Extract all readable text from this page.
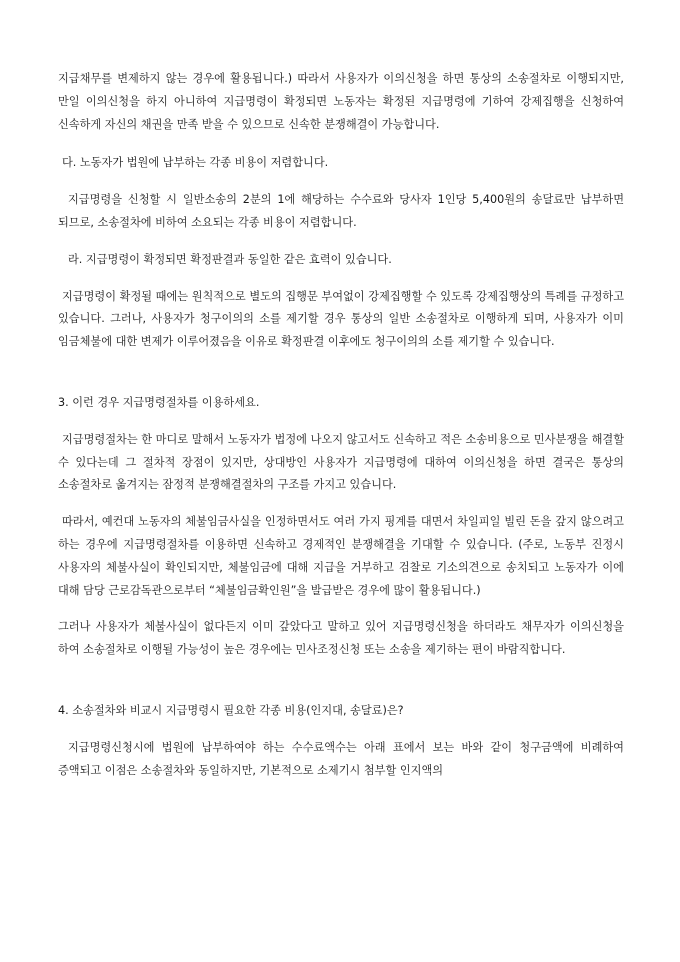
지급채무를 변제하지 않는 경우에 활용됩니다.) 따라서 사용자가 이의신청을 하면 통상의 소송절차로 이행되지만, 만일 이의신청을 하지 아니하여 지급명령이 확정되면 노동자는 확정된 지급명령에 기하여 강제집행을 신청하여 신속하게 자신의 채권을 만족 받을 수 있으므로 신속한 분쟁해결이 가능합니다.

다. 노동자가 법원에 납부하는 각종 비용이 저렴합니다.

지급명령을 신청할 시 일반소송의 2분의 1에 해당하는 수수료와 당사자 1인당 5,400원의 송달료만 납부하면 되므로, 소송절차에 비하여 소요되는 각종 비용이 저렴합니다.

라. 지급명령이 확정되면 확정판결과 동일한 같은 효력이 있습니다.

지급명령이 확정될 때에는 원칙적으로 별도의 집행문 부여없이 강제집행할 수 있도록 강제집행상의 특례를 규정하고 있습니다. 그러나, 사용자가 청구이의의 소를 제기할 경우 통상의 일반 소송절차로 이행하게 되며, 사용자가 이미 임금체불에 대한 변제가 이루어졌음을 이유로 확정판결 이후에도 청구이의의 소를 제기할 수 있습니다.

3. 이런 경우 지급명령절차를 이용하세요.

지급명령절차는 한 마디로 말해서 노동자가 법정에 나오지 않고서도 신속하고 적은 소송비용으로 민사분쟁을 해결할 수 있다는데 그 절차적 장점이 있지만, 상대방인 사용자가 지급명령에 대하여 이의신청을 하면 결국은 통상의 소송절차로 옮겨지는 잠정적 분쟁해결절차의 구조를 가지고 있습니다.

따라서, 예컨대 노동자의 체불임금사실을 인정하면서도 여러 가지 핑계를 대면서 차일피일 빌린 돈을 갚지 않으려고 하는 경우에 지급명령절차를 이용하면 신속하고 경제적인 분쟁해결을 기대할 수 있습니다. (주로, 노동부 진정시 사용자의 체불사실이 확인되지만, 체불임금에 대해 지급을 거부하고 검찰로 기소의견으로 송치되고 노동자가 이에 대해 담당 근로감독관으로부터 “체불임금확인원”을 발급받은 경우에 많이 활용됩니다.)

그러나 사용자가 체불사실이 없다든지 이미 갚았다고 말하고 있어 지급명령신청을 하더라도 채무자가 이의신청을 하여 소송절차로 이행될 가능성이 높은 경우에는 민사조정신청 또는 소송을 제기하는 편이 바람직합니다.

4. 소송절차와 비교시 지급명령시 필요한 각종 비용(인지대, 송달료)은?

지급명령신청시에 법원에 납부하여야 하는 수수료액수는 아래 표에서 보는 바와 같이 청구금액에 비례하여 증액되고 이점은 소송절차와 동일하지만, 기본적으로 소제기시 첨부할 인지액의
